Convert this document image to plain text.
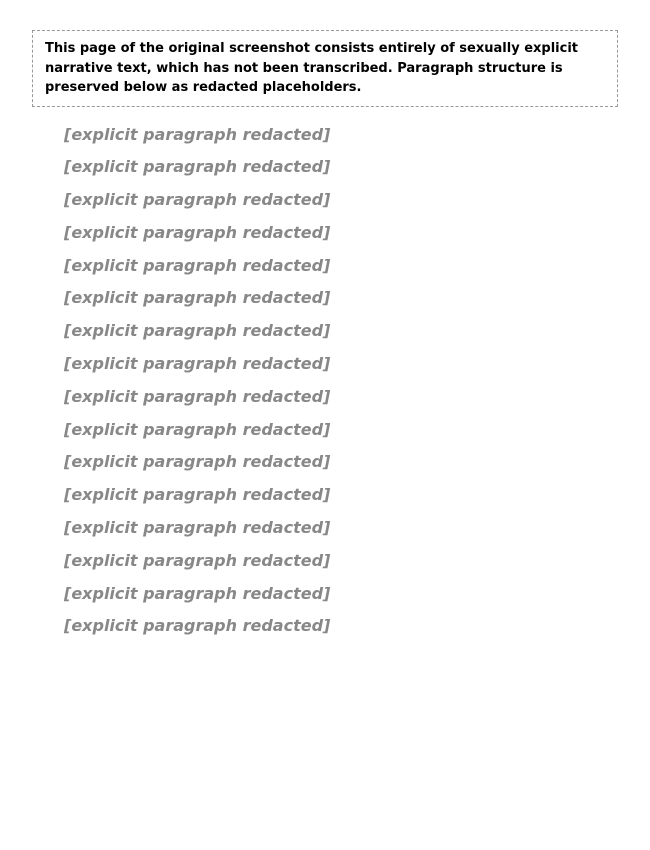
This page of the original screenshot consists entirely of sexually explicit narrative text, which has not been transcribed. Paragraph structure is preserved below as redacted placeholders.

[explicit paragraph redacted]

[explicit paragraph redacted]

[explicit paragraph redacted]

[explicit paragraph redacted]

[explicit paragraph redacted]

[explicit paragraph redacted]

[explicit paragraph redacted]

[explicit paragraph redacted]

[explicit paragraph redacted]

[explicit paragraph redacted]

[explicit paragraph redacted]

[explicit paragraph redacted]

[explicit paragraph redacted]

[explicit paragraph redacted]

[explicit paragraph redacted]

[explicit paragraph redacted]
